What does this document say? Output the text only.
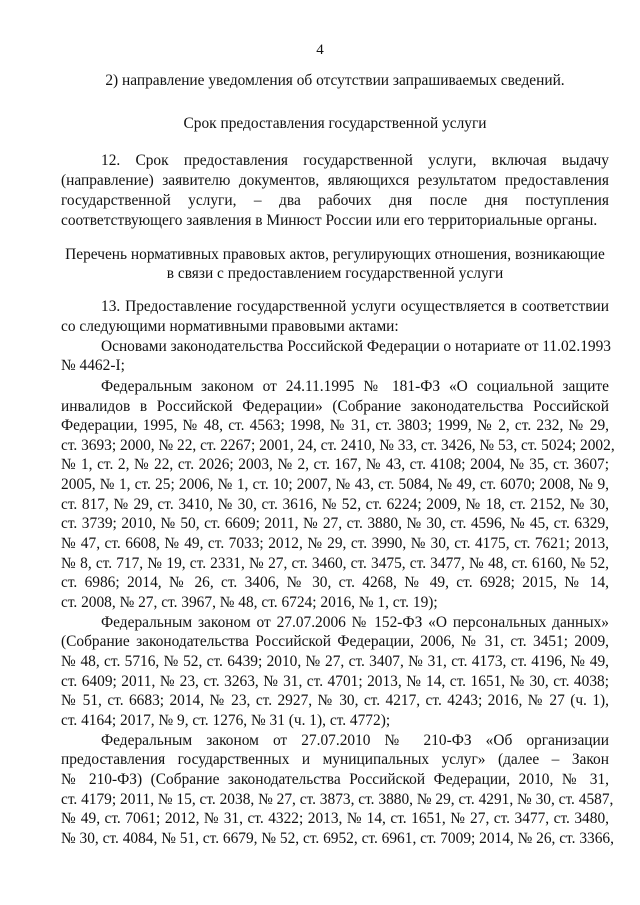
4
2) направление уведомления об отсутствии запрашиваемых сведений.
Срок предоставления государственной услуги
12. Срок предоставления государственной услуги, включая выдачу
(направление) заявителю документов, являющихся результатом предоставления
государственной услуги, – два рабочих дня после дня поступления
соответствующего заявления в Минюст России или его территориальные органы.
Перечень нормативных правовых актов, регулирующих отношения, возникающие
в связи с предоставлением государственной услуги
13. Предоставление государственной услуги осуществляется в соответствии
со следующими нормативными правовыми актами:
Основами законодательства Российской Федерации о нотариате от 11.02.1993
№ 4462-I;
Федеральным законом от 24.11.1995 № 181-ФЗ «О социальной защите
инвалидов в Российской Федерации» (Собрание законодательства Российской
Федерации, 1995, № 48, ст. 4563; 1998, № 31, ст. 3803; 1999, № 2, ст. 232, № 29,
ст. 3693; 2000, № 22, ст. 2267; 2001, 24, ст. 2410, № 33, ст. 3426, № 53, ст. 5024; 2002,
№ 1, ст. 2, № 22, ст. 2026; 2003, № 2, ст. 167, № 43, ст. 4108; 2004, № 35, ст. 3607;
2005, № 1, ст. 25; 2006, № 1, ст. 10; 2007, № 43, ст. 5084, № 49, ст. 6070; 2008, № 9,
ст. 817, № 29, ст. 3410, № 30, ст. 3616, № 52, ст. 6224; 2009, № 18, ст. 2152, № 30,
ст. 3739; 2010, № 50, ст. 6609; 2011, № 27, ст. 3880, № 30, ст. 4596, № 45, ст. 6329,
№ 47, ст. 6608, № 49, ст. 7033; 2012, № 29, ст. 3990, № 30, ст. 4175, ст. 7621; 2013,
№ 8, ст. 717, № 19, ст. 2331, № 27, ст. 3460, ст. 3475, ст. 3477, № 48, ст. 6160, № 52,
ст. 6986; 2014, № 26, ст. 3406, № 30, ст. 4268, № 49, ст. 6928; 2015, № 14,
ст. 2008, № 27, ст. 3967, № 48, ст. 6724; 2016, № 1, ст. 19);
Федеральным законом от 27.07.2006 № 152-ФЗ «О персональных данных»
(Собрание законодательства Российской Федерации, 2006, № 31, ст. 3451; 2009,
№ 48, ст. 5716, № 52, ст. 6439; 2010, № 27, ст. 3407, № 31, ст. 4173, ст. 4196, № 49,
ст. 6409; 2011, № 23, ст. 3263, № 31, ст. 4701; 2013, № 14, ст. 1651, № 30, ст. 4038;
№ 51, ст. 6683; 2014, № 23, ст. 2927, № 30, ст. 4217, ст. 4243; 2016, № 27 (ч. 1),
ст. 4164; 2017, № 9, ст. 1276, № 31 (ч. 1), ст. 4772);
Федеральным законом от 27.07.2010 № 210-ФЗ «Об организации
предоставления государственных и муниципальных услуг» (далее – Закон
№ 210-ФЗ) (Собрание законодательства Российской Федерации, 2010, № 31,
ст. 4179; 2011, № 15, ст. 2038, № 27, ст. 3873, ст. 3880, № 29, ст. 4291, № 30, ст. 4587,
№ 49, ст. 7061; 2012, № 31, ст. 4322; 2013, № 14, ст. 1651, № 27, ст. 3477, ст. 3480,
№ 30, ст. 4084, № 51, ст. 6679, № 52, ст. 6952, ст. 6961, ст. 7009; 2014, № 26, ст. 3366,
